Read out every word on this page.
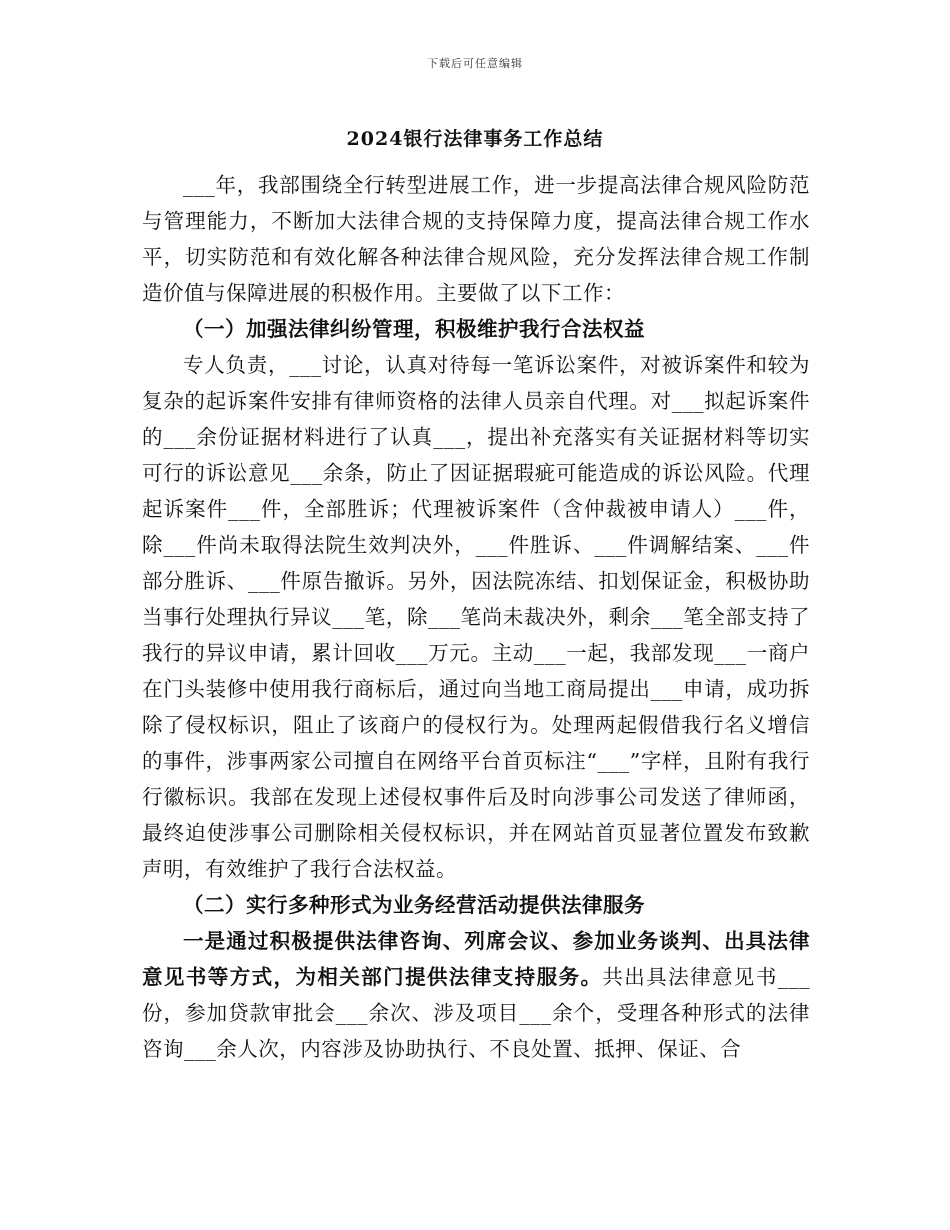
下载后可任意编辑
2024银行法律事务工作总结

___年，我部围绕全行转型进展工作，进一步提高法律合规风险防范与管理能力，不断加大法律合规的支持保障力度，提高法律合规工作水平，切实防范和有效化解各种法律合规风险，充分发挥法律合规工作制造价值与保障进展的积极作用。主要做了以下工作：

（一）加强法律纠纷管理，积极维护我行合法权益

专人负责，___讨论，认真对待每一笔诉讼案件，对被诉案件和较为复杂的起诉案件安排有律师资格的法律人员亲自代理。对___拟起诉案件的___余份证据材料进行了认真___，提出补充落实有关证据材料等切实可行的诉讼意见___余条，防止了因证据瑕疵可能造成的诉讼风险。代理起诉案件___件，全部胜诉；代理被诉案件（含仲裁被申请人）___件，除___件尚未取得法院生效判决外，___件胜诉、___件调解结案、___件部分胜诉、___件原告撤诉。另外，因法院冻结、扣划保证金，积极协助当事行处理执行异议___笔，除___笔尚未裁决外，剩余___笔全部支持了我行的异议申请，累计回收___万元。主动___一起，我部发现___一商户在门头装修中使用我行商标后，通过向当地工商局提出___申请，成功拆除了侵权标识，阻止了该商户的侵权行为。处理两起假借我行名义增信的事件，涉事两家公司擅自在网络平台首页标注“___”字样，且附有我行行徽标识。我部在发现上述侵权事件后及时向涉事公司发送了律师函，最终迫使涉事公司删除相关侵权标识，并在网站首页显著位置发布致歉声明，有效维护了我行合法权益。

（二）实行多种形式为业务经营活动提供法律服务

一是通过积极提供法律咨询、列席会议、参加业务谈判、出具法律意见书等方式，为相关部门提供法律支持服务。共出具法律意见书___份，参加贷款审批会___余次、涉及项目___余个，受理各种形式的法律咨询___余人次，内容涉及协助执行、不良处置、抵押、保证、合
